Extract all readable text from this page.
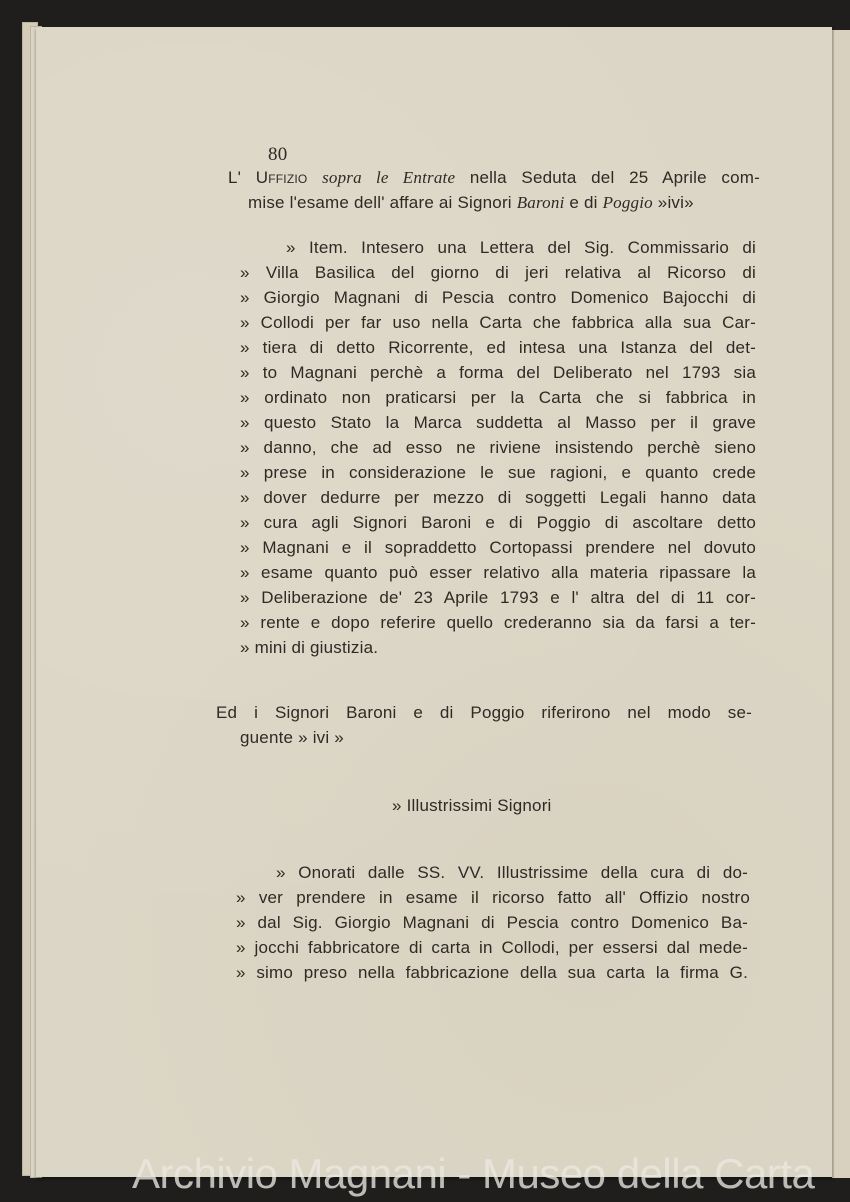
80
L' Uffizio sopra le Entrate nella Seduta del 25 Aprile com-
mise l'esame dell' affare ai Signori Baroni e di Poggio »ivi»
» Item. Intesero una Lettera del Sig. Commissario di
» Villa Basilica del giorno di jeri relativa al Ricorso di
» Giorgio Magnani di Pescia contro Domenico Bajocchi di
» Collodi per far uso nella Carta che fabbrica alla sua Car-
» tiera di detto Ricorrente, ed intesa una Istanza del det-
» to Magnani perchè a forma del Deliberato nel 1793 sia
» ordinato non praticarsi per la Carta che si fabbrica in
» questo Stato la Marca suddetta al Masso per il grave
» danno, che ad esso ne riviene insistendo perchè sieno
» prese in considerazione le sue ragioni, e quanto crede
» dover dedurre per mezzo di soggetti Legali hanno data
» cura agli Signori Baroni e di Poggio di ascoltare detto
» Magnani e il sopraddetto Cortopassi prendere nel dovuto
» esame quanto può esser relativo alla materia ripassare la
» Deliberazione de' 23 Aprile 1793 e l' altra del di 11 cor-
» rente e dopo referire quello crederanno sia da farsi a ter-
» mini di giustizia.
Ed i Signori Baroni e di Poggio riferirono nel modo se-
guente » ivi »
» Illustrissimi Signori
» Onorati dalle SS. VV. Illustrissime della cura di do-
» ver prendere in esame il ricorso fatto all' Offizio nostro
» dal Sig. Giorgio Magnani di Pescia contro Domenico Ba-
» jocchi fabbricatore di carta in Collodi, per essersi dal mede-
» simo preso nella fabbricazione della sua carta la firma G.
Archivio Magnani - Museo della Carta
